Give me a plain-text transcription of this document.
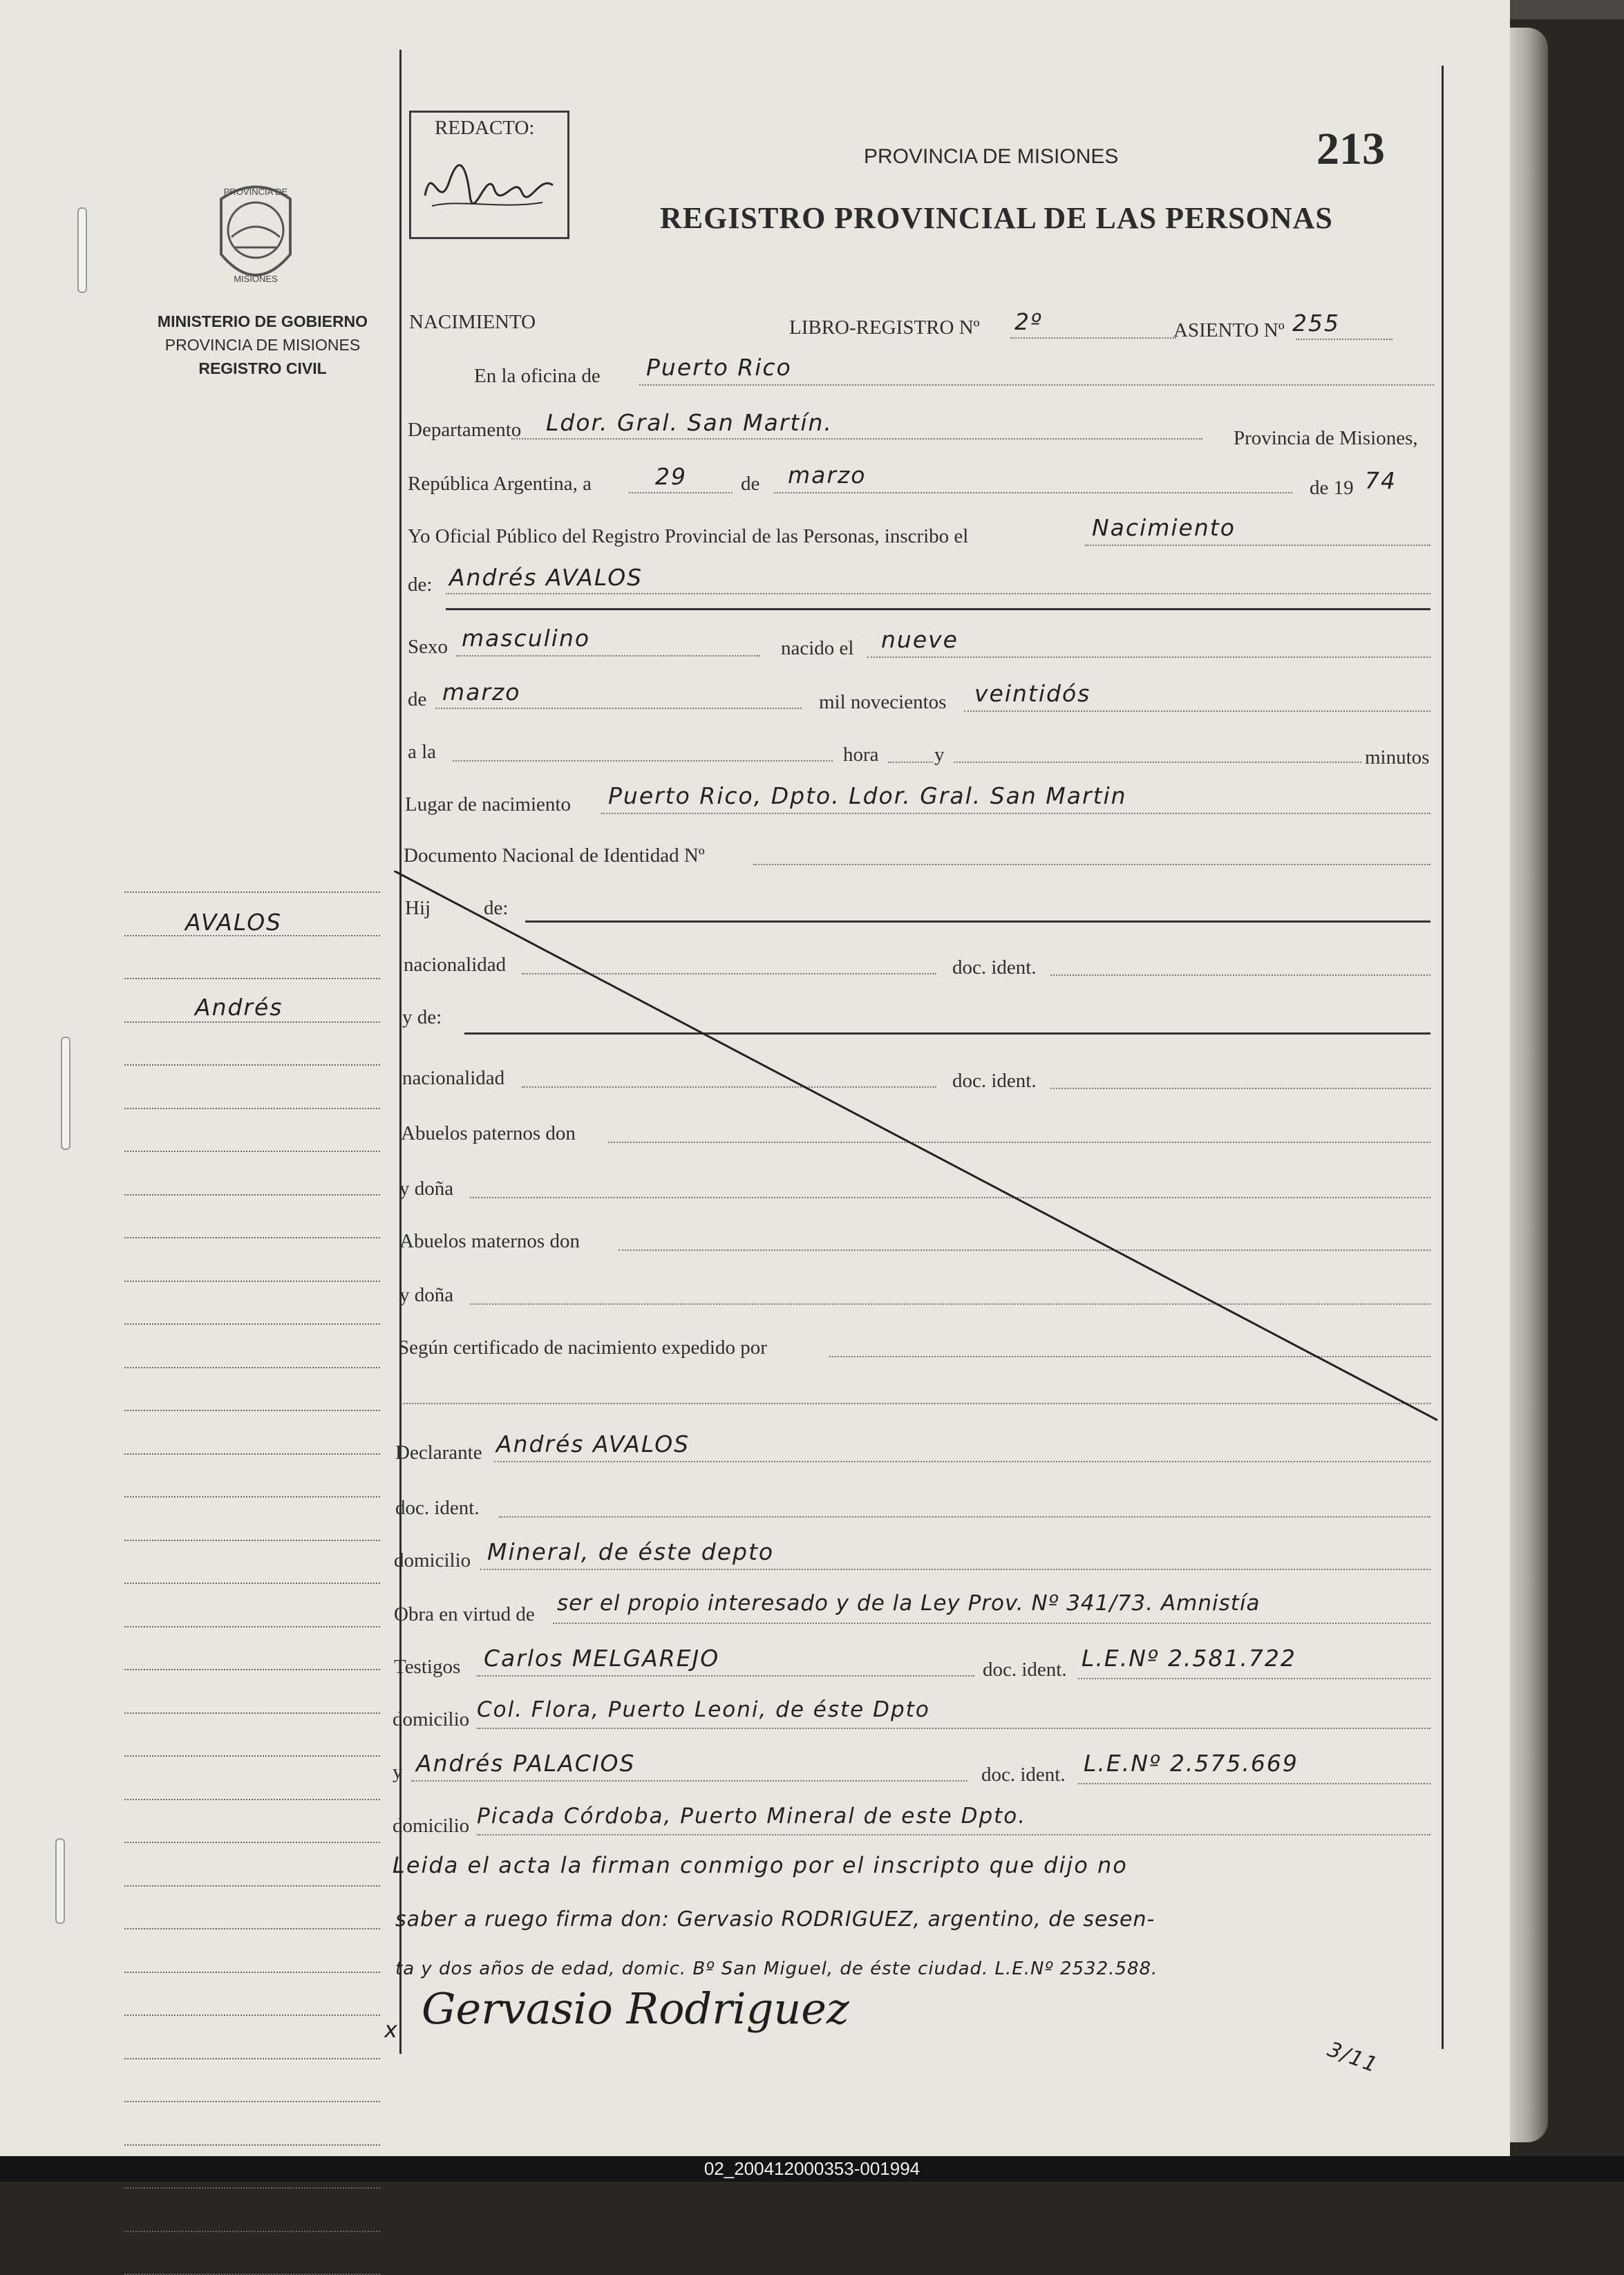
REDACTO:
PROVINCIA DE MISIONES	213
REGISTRO PROVINCIAL DE LAS PERSONAS
PROVINCIA DE
MISIONES
MINISTERIO DE GOBIERNO
PROVINCIA DE MISIONES
REGISTRO CIVIL
AVALOS
Andrés
NACIMIENTO	LIBRO-REGISTRO Nº 2º	ASIENTO Nº 255
En la oficina de Puerto Rico
Departamento Ldor. Gral. San Martín.
Provincia de Misiones,
República Argentina, a	29	de marzo	de 19 74
Yo Oficial Público del Registro Provincial de las Personas, inscribo el	Nacimiento
de: Andrés AVALOS
Sexo masculino	nacido el nueve
de marzo	mil novecientos veintidós
a la	hora	y	minutos
Lugar de nacimiento Puerto Rico, Dpto. Ldor. Gral. San Martin
Documento Nacional de Identidad Nº
Hij	de:
nacionalidad	doc. ident.
y de:
nacionalidad	doc. ident.
Abuelos paternos don
y doña
Abuelos maternos don
y doña
Según certificado de nacimiento expedido por
Declarante Andrés AVALOS
doc. ident.
domicilio Mineral, de éste depto
Obra en virtud de ser el propio interesado y de la Ley Prov. Nº 341/73. Amnistía
Testigos Carlos MELGAREJO	doc. ident. L.E.Nº 2.581.722
domicilio Col. Flora, Puerto Leoni, de éste Dpto
y Andrés PALACIOS	doc. ident. L.E.Nº 2.575.669
domicilio Picada Córdoba, Puerto Mineral de este Dpto.
Leida el acta la firman conmigo por el inscripto que dijo no
saber a ruego firma don: Gervasio RODRIGUEZ, argentino, de sesen-
ta y dos años de edad, domic. Bº San Miguel, de éste ciudad. L.E.Nº 2532.588.
x Gervasio Rodriguez
3/11
02_200412000353-001994
